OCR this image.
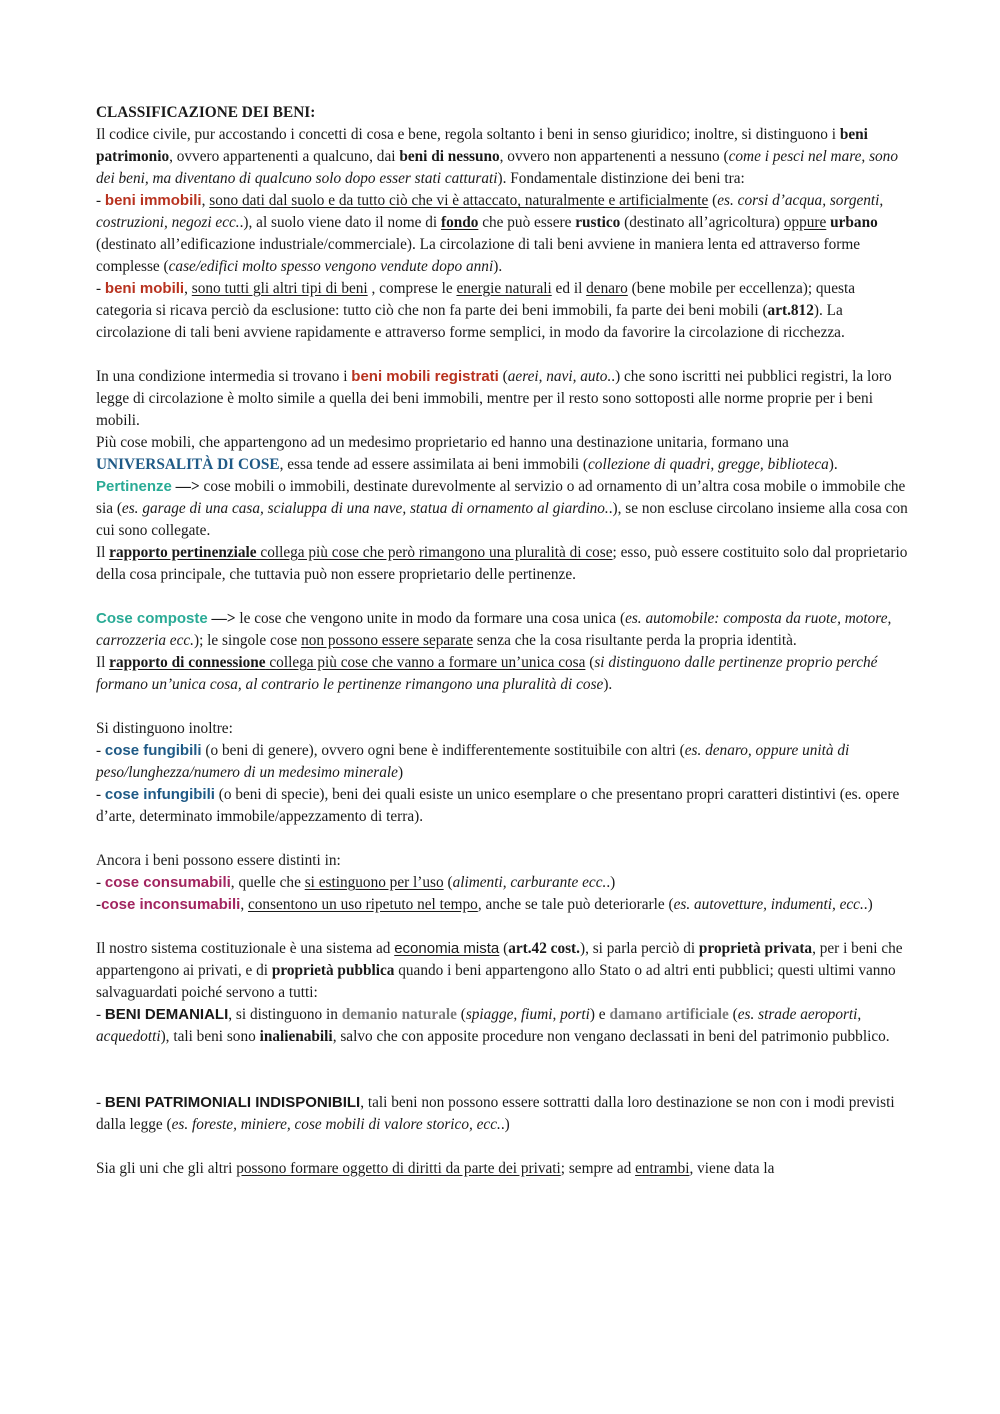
CLASSIFICAZIONE DEI BENI:

Il codice civile, pur accostando i concetti di cosa e bene, regola soltanto i beni in senso giuridico; inoltre, si distinguono i beni patrimonio, ovvero appartenenti a qualcuno, dai beni di nessuno, ovvero non appartenenti a nessuno (come i pesci nel mare, sono dei beni, ma diventano di qualcuno solo dopo esser stati catturati). Fondamentale distinzione dei beni tra:

- beni immobili, sono dati dal suolo e da tutto ciò che vi è attaccato, naturalmente e artificialmente (es. corsi d’acqua, sorgenti, costruzioni, negozi ecc..), al suolo viene dato il nome di fondo che può essere rustico (destinato all’agricoltura) oppure urbano (destinato all’edificazione industriale/commerciale). La circolazione di tali beni avviene in maniera lenta ed attraverso forme complesse (case/edifici molto spesso vengono vendute dopo anni).

- beni mobili, sono tutti gli altri tipi di beni , comprese le energie naturali ed il denaro (bene mobile per eccellenza); questa categoria si ricava perciò da esclusione: tutto ciò che non fa parte dei beni immobili, fa parte dei beni mobili (art.812). La circolazione di tali beni avviene rapidamente e attraverso forme semplici, in modo da favorire la circolazione di ricchezza.

In una condizione intermedia si trovano i beni mobili registrati (aerei, navi, auto..) che sono iscritti nei pubblici registri, la loro legge di circolazione è molto simile a quella dei beni immobili, mentre per il resto sono sottoposti alle norme proprie per i beni mobili.

Più cose mobili, che appartengono ad un medesimo proprietario ed hanno una destinazione unitaria, formano una UNIVERSALITÀ DI COSE, essa tende ad essere assimilata ai beni immobili (collezione di quadri, gregge, biblioteca).

Pertinenze —> cose mobili o immobili, destinate durevolmente al servizio o ad ornamento di un’altra cosa mobile o immobile che sia (es. garage di una casa, scialuppa di una nave, statua di ornamento al giardino..), se non escluse circolano insieme alla cosa con cui sono collegate.

Il rapporto pertinenziale collega più cose che però rimangono una pluralità di cose; esso, può essere costituito solo dal proprietario della cosa principale, che tuttavia può non essere proprietario delle pertinenze.

Cose composte —> le cose che vengono unite in modo da formare una cosa unica (es. automobile: composta da ruote, motore, carrozzeria ecc.); le singole cose non possono essere separate senza che la cosa risultante perda la propria identità.

Il rapporto di connessione collega più cose che vanno a formare un’unica cosa (si distinguono dalle pertinenze proprio perché formano un’unica cosa, al contrario le pertinenze rimangono una pluralità di cose).

Si distinguono inoltre:

- cose fungibili (o beni di genere), ovvero ogni bene è indifferentemente sostituibile con altri (es. denaro, oppure unità di peso/lunghezza/numero di un medesimo minerale)

- cose infungibili (o beni di specie), beni dei quali esiste un unico esemplare o che presentano propri caratteri distintivi (es. opere d’arte, determinato immobile/appezzamento di terra).

Ancora i beni possono essere distinti in:

- cose consumabili, quelle che si estinguono per l’uso (alimenti, carburante ecc..)

-cose inconsumabili, consentono un uso ripetuto nel tempo, anche se tale può deteriorarle (es. autovetture, indumenti, ecc..)

Il nostro sistema costituzionale è una sistema ad economia mista (art.42 cost.), si parla perciò di proprietà privata, per i beni che appartengono ai privati, e di proprietà pubblica quando i beni appartengono allo Stato o ad altri enti pubblici; questi ultimi vanno salvaguardati poiché servono a tutti:

- BENI DEMANIALI, si distinguono in demanio naturale (spiagge, fiumi, porti) e damano artificiale (es. strade aeroporti, acquedotti), tali beni sono inalienabili, salvo che con apposite procedure non vengano declassati in beni del patrimonio pubblico.

- BENI PATRIMONIALI INDISPONIBILI, tali beni non possono essere sottratti dalla loro destinazione se non con i modi previsti dalla legge (es. foreste, miniere, cose mobili di valore storico, ecc..)

Sia gli uni che gli altri possono formare oggetto di diritti da parte dei privati; sempre ad entrambi, viene data la
